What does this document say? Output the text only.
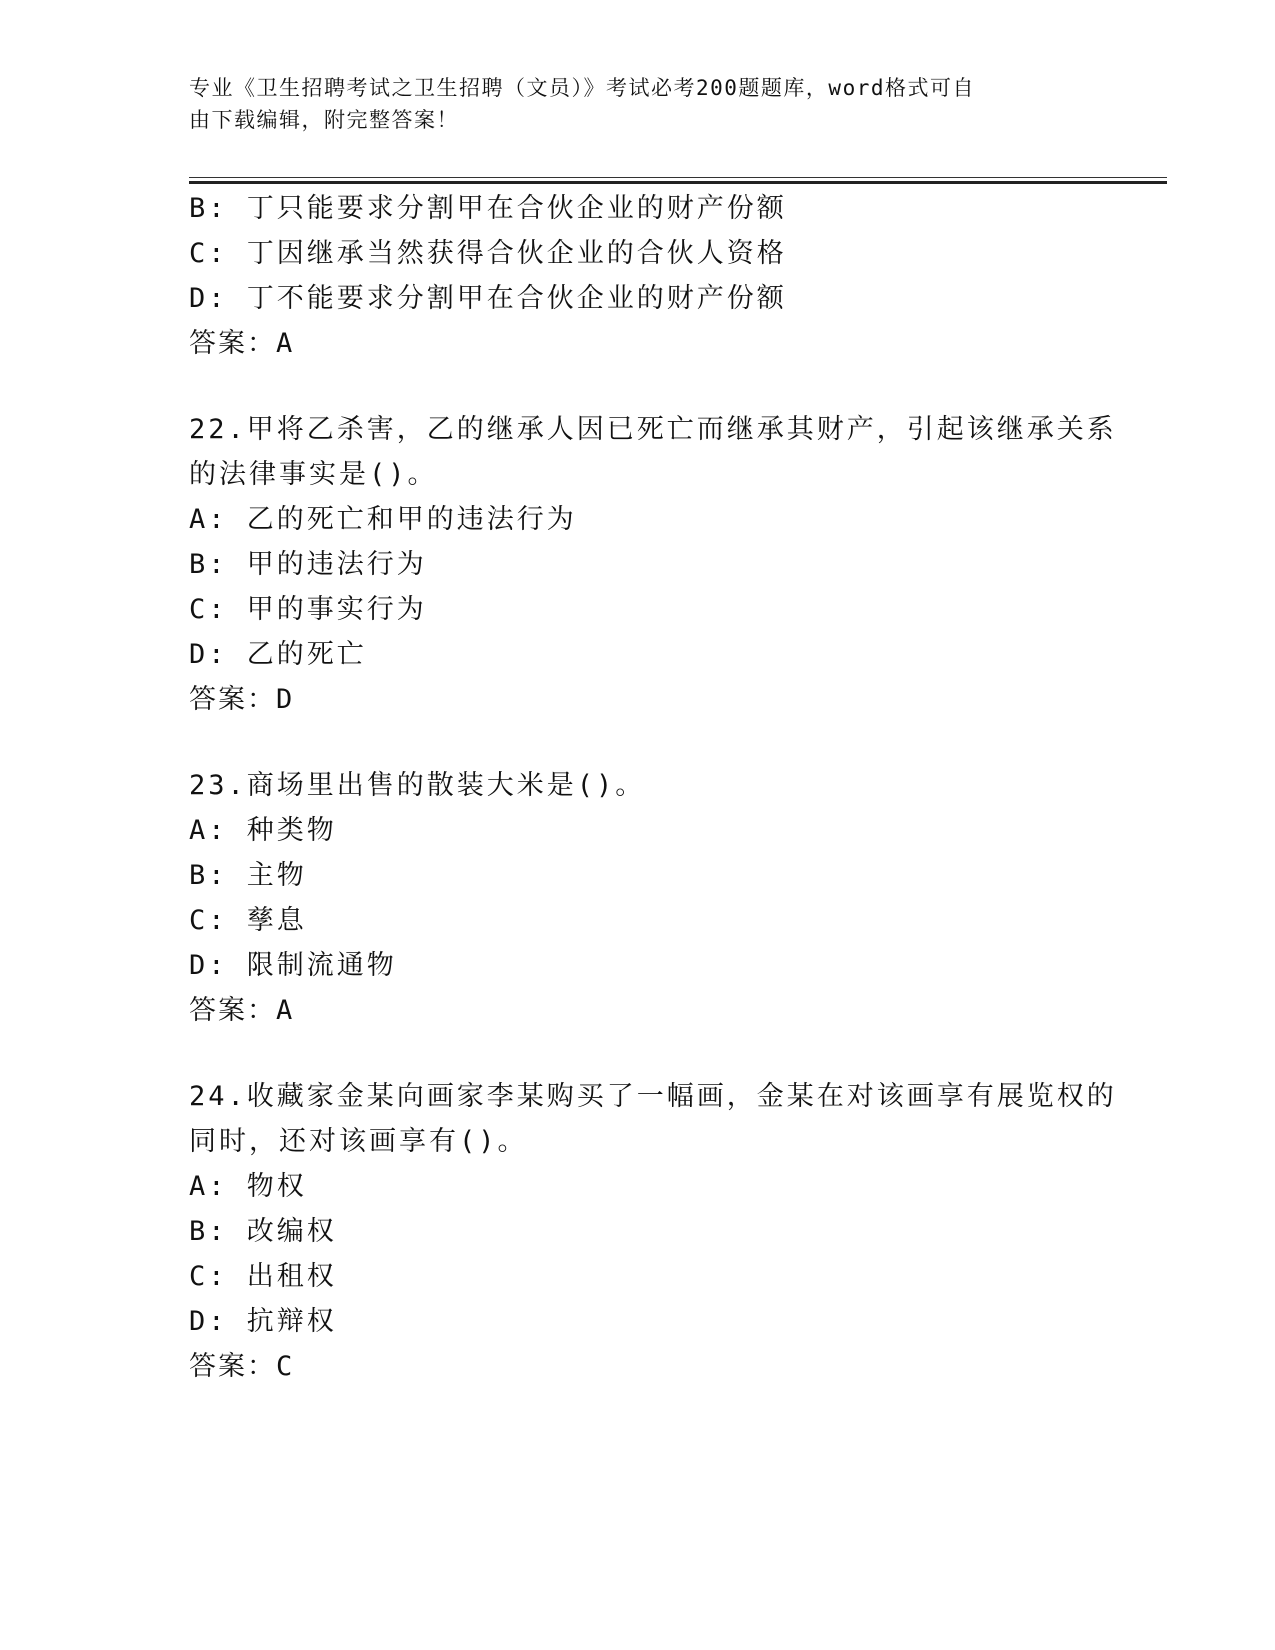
专业《卫生招聘考试之卫生招聘（文员）》考试必考200题题库，word格式可自
由下载编辑，附完整答案！
B: 丁只能要求分割甲在合伙企业的财产份额
C: 丁因继承当然获得合伙企业的合伙人资格
D: 丁不能要求分割甲在合伙企业的财产份额
答案：A
22.甲将乙杀害，乙的继承人因已死亡而继承其财产，引起该继承关系
的法律事实是()。
A: 乙的死亡和甲的违法行为
B: 甲的违法行为
C: 甲的事实行为
D: 乙的死亡
答案：D
23.商场里出售的散装大米是()。
A: 种类物
B: 主物
C: 孳息
D: 限制流通物
答案：A
24.收藏家金某向画家李某购买了一幅画，金某在对该画享有展览权的
同时，还对该画享有()。
A: 物权
B: 改编权
C: 出租权
D: 抗辩权
答案：C
